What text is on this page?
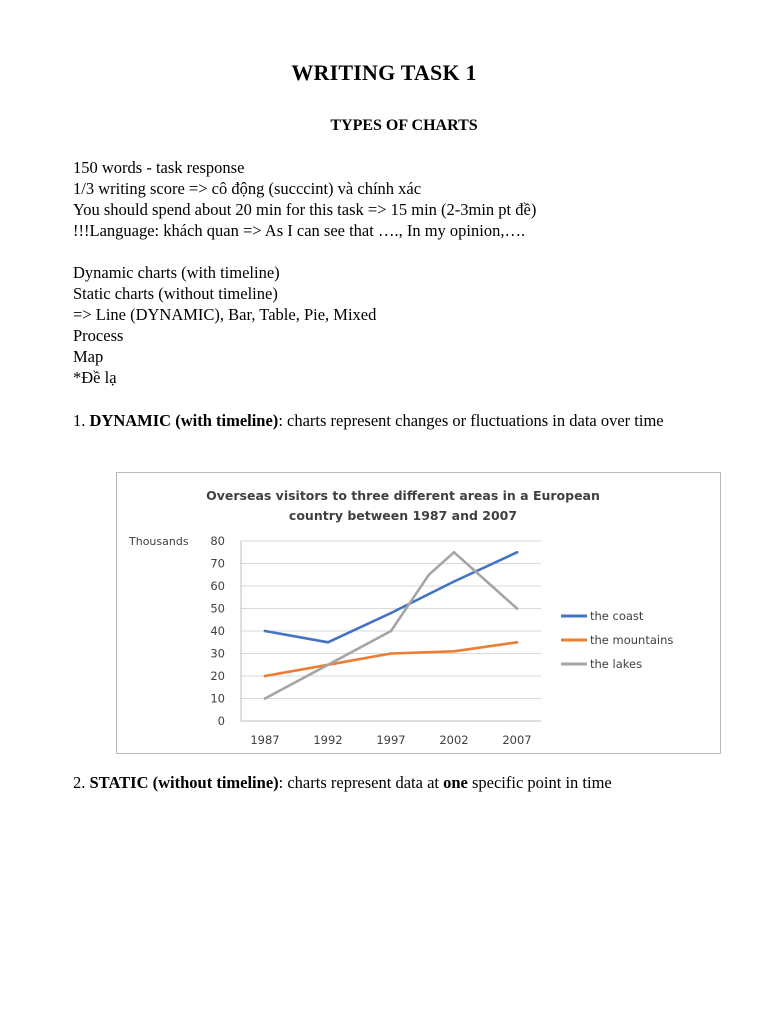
WRITING TASK 1
TYPES OF CHARTS
150 words - task response
1/3 writing score => cô động (succcint) và chính xác
You should spend about 20 min for this task => 15 min (2-3min pt đề)
!!!Language: khách quan => As I can see that …., In my opinion,….
Dynamic charts (with timeline)
Static charts (without timeline)
=> Line (DYNAMIC), Bar, Table, Pie, Mixed
Process
Map
*Đề lạ
1. DYNAMIC (with timeline): charts represent changes or fluctuations in data over time
Overseas visitors to three different areas in a European
country between 1987 and 2007
Thousands
0
10
20
30
40
50
60
70
80
1987	1992	1997	2002	2007
the coast
the mountains
the lakes
2. STATIC (without timeline): charts represent data at one specific point in time
